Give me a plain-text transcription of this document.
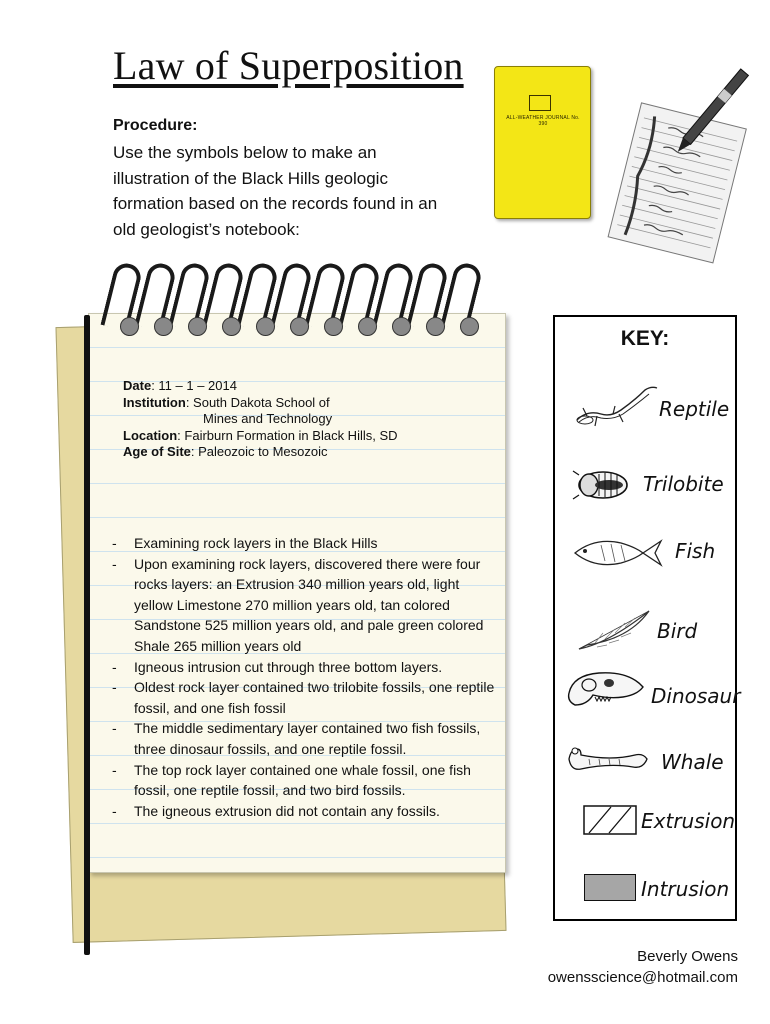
Law of Superposition
Procedure:
Use the symbols below to make an illustration of the Black Hills geologic formation based on the records found in an old geologist’s notebook:
ALL-WEATHER JOURNAL No. 390
Date: 11 – 1 – 2014
Institution: South Dakota School of
Mines and Technology
Location: Fairburn Formation in Black Hills, SD
Age of Site: Paleozoic to Mesozoic
- Examining rock layers in the Black Hills
- Upon examining rock layers, discovered there were four rocks layers: an Extrusion 340 million years old, light yellow Limestone 270 million years old, tan colored Sandstone 525 million years old, and pale green colored Shale 265 million years old
- Igneous intrusion cut through three bottom layers.
- Oldest rock layer contained two trilobite fossils, one reptile fossil, and one fish fossil
- The middle sedimentary layer contained two fish fossils, three dinosaur fossils, and one reptile fossil.
- The top rock layer contained one whale fossil, one fish fossil, one reptile fossil, and two bird fossils.
- The igneous extrusion did not contain any fossils.
KEY:
Reptile
Trilobite
Fish
Bird
Dinosaur
Whale
Extrusion
Intrusion
Beverly Owens
owensscience@hotmail.com
